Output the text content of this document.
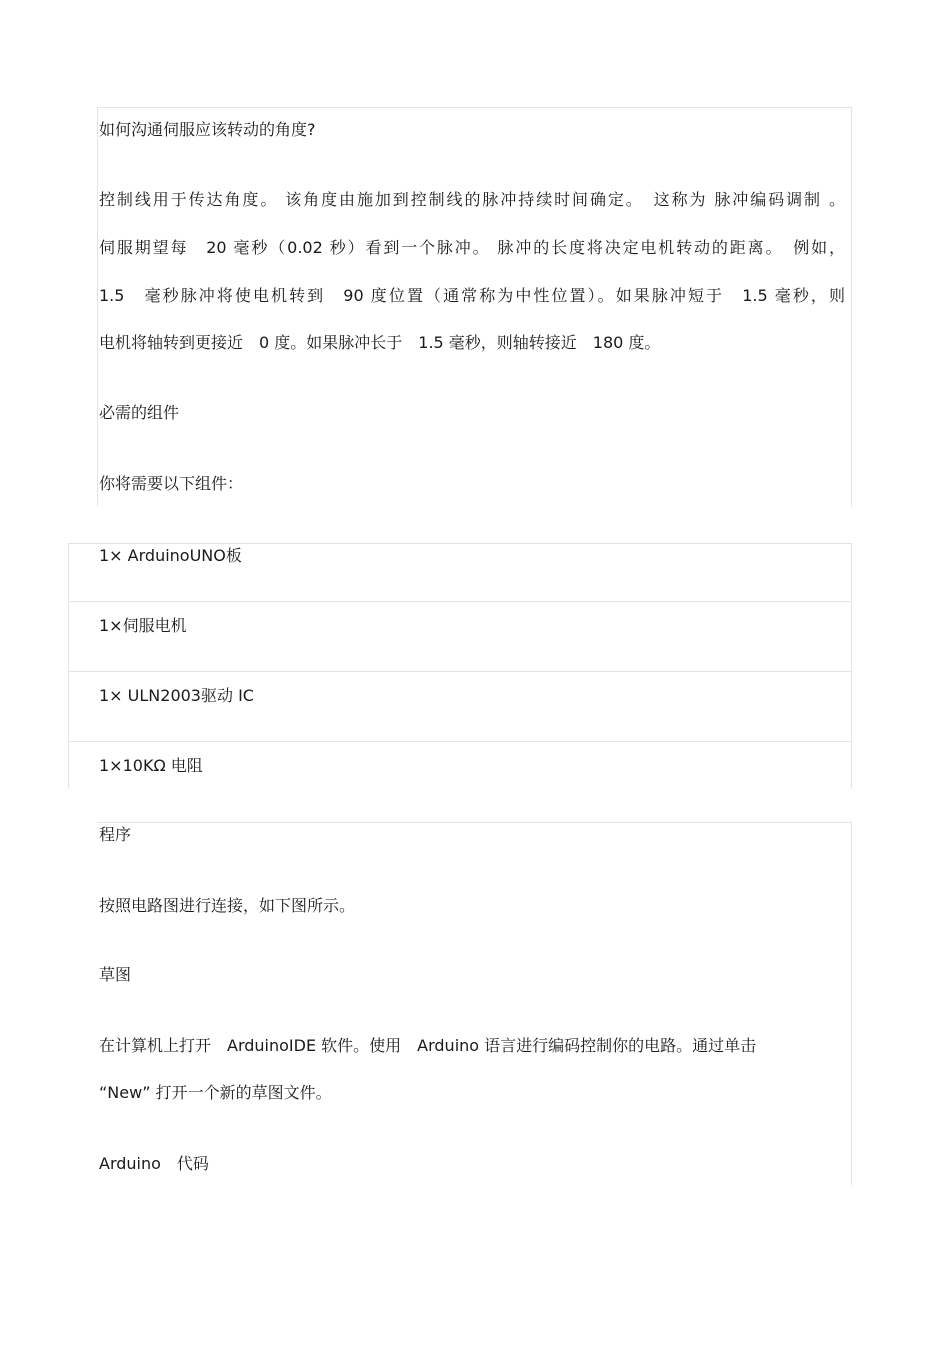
如何沟通伺服应该转动的角度?
控制线用于传达角度。 该角度由施加到控制线的脉冲持续时间确定。　这称为 脉冲编码调制 。
伺服期望每　20 毫秒（0.02 秒）看到一个脉冲。 脉冲的长度将决定电机转动的距离。　例如，
1.5　毫秒脉冲将使电机转到　90 度位置（通常称为中性位置）。如果脉冲短于　1.5 毫秒，则
电机将轴转到更接近　0 度。如果脉冲长于　1.5 毫秒，则轴转接近　180 度。
必需的组件
你将需要以下组件：
1× ArduinoUNO板
1×伺服电机
1× ULN2003驱动 IC
1×10KΩ 电阻
程序
按照电路图进行连接，如下图所示。
草图
在计算机上打开　ArduinoIDE 软件。使用　Arduino 语言进行编码控制你的电路。通过单击
“New” 打开一个新的草图文件。
Arduino　代码
